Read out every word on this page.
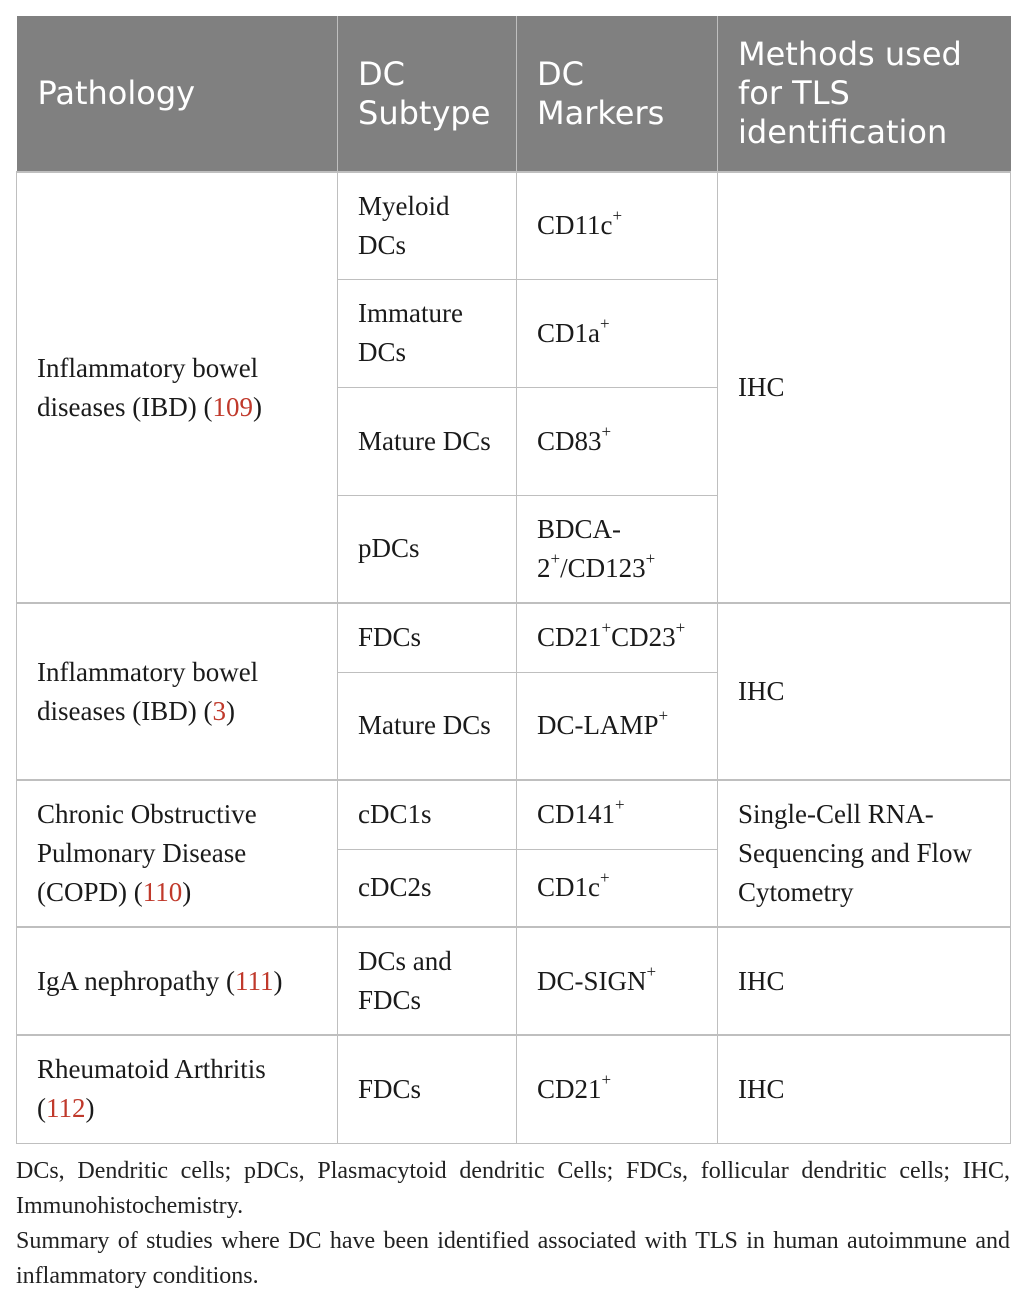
Pathology	DC Subtype	DC Markers	Methods used for TLS identification
Inflammatory bowel diseases (IBD) (109)	Myeloid DCs	CD11c+	IHC
	Immature DCs	CD1a+
	Mature DCs	CD83+
	pDCs	BDCA-2+/CD123+
Inflammatory bowel diseases (IBD) (3)	FDCs	CD21+CD23+	IHC
	Mature DCs	DC-LAMP+
Chronic Obstructive Pulmonary Disease (COPD) (110)	cDC1s	CD141+	Single-Cell RNA-Sequencing and Flow Cytometry
	cDC2s	CD1c+
IgA nephropathy (111)	DCs and FDCs	DC-SIGN+	IHC
Rheumatoid Arthritis (112)	FDCs	CD21+	IHC

DCs, Dendritic cells; pDCs, Plasmacytoid dendritic Cells; FDCs, follicular dendritic cells; IHC, Immunohistochemistry.

Summary of studies where DC have been identified associated with TLS in human autoimmune and inflammatory conditions.
